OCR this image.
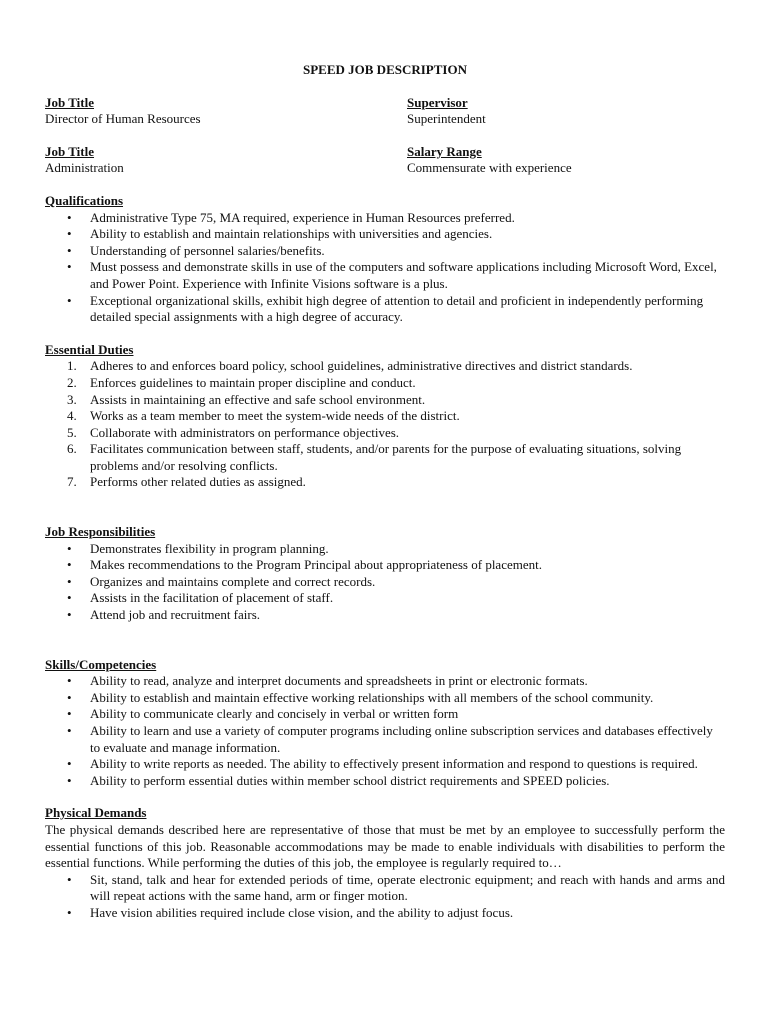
SPEED JOB DESCRIPTION
Job Title
Director of Human Resources
Supervisor
Superintendent
Job Title
Administration
Salary Range
Commensurate with experience
Qualifications
• Administrative Type 75, MA required, experience in Human Resources preferred.
• Ability to establish and maintain relationships with universities and agencies.
• Understanding of personnel salaries/benefits.
• Must possess and demonstrate skills in use of the computers and software applications including Microsoft Word, Excel, and Power Point. Experience with Infinite Visions software is a plus.
• Exceptional organizational skills, exhibit high degree of attention to detail and proficient in independently performing detailed special assignments with a high degree of accuracy.
Essential Duties
1. Adheres to and enforces board policy, school guidelines, administrative directives and district standards.
2. Enforces guidelines to maintain proper discipline and conduct.
3. Assists in maintaining an effective and safe school environment.
4. Works as a team member to meet the system-wide needs of the district.
5. Collaborate with administrators on performance objectives.
6. Facilitates communication between staff, students, and/or parents for the purpose of evaluating situations, solving problems and/or resolving conflicts.
7. Performs other related duties as assigned.
Job Responsibilities
• Demonstrates flexibility in program planning.
• Makes recommendations to the Program Principal about appropriateness of placement.
• Organizes and maintains complete and correct records.
• Assists in the facilitation of placement of staff.
• Attend job and recruitment fairs.
Skills/Competencies
• Ability to read, analyze and interpret documents and spreadsheets in print or electronic formats.
• Ability to establish and maintain effective working relationships with all members of the school community.
• Ability to communicate clearly and concisely in verbal or written form
• Ability to learn and use a variety of computer programs including online subscription services and databases effectively to evaluate and manage information.
• Ability to write reports as needed. The ability to effectively present information and respond to questions is required.
• Ability to perform essential duties within member school district requirements and SPEED policies.
Physical Demands
The physical demands described here are representative of those that must be met by an employee to successfully perform the essential functions of this job. Reasonable accommodations may be made to enable individuals with disabilities to perform the essential functions. While performing the duties of this job, the employee is regularly required to…
• Sit, stand, talk and hear for extended periods of time, operate electronic equipment; and reach with hands and arms and will repeat actions with the same hand, arm or finger motion.
• Have vision abilities required include close vision, and the ability to adjust focus.
